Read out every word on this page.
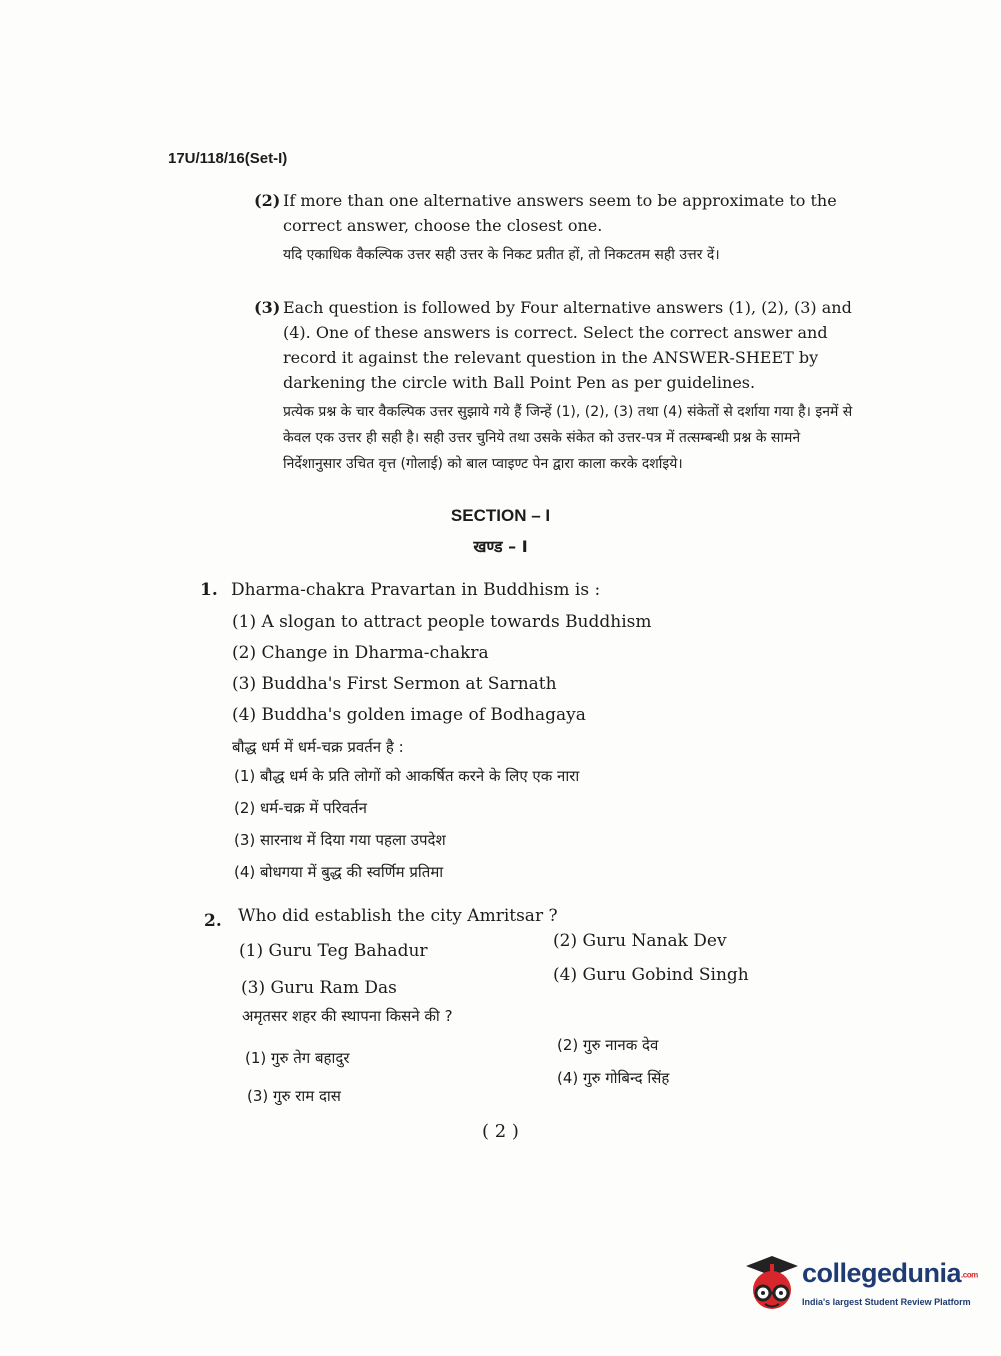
17U/118/16(Set-I)
(2) If more than one alternative answers seem to be approximate to the correct answer, choose the closest one.

यदि एकाधिक वैकल्पिक उत्तर सही उत्तर के निकट प्रतीत हों, तो निकटतम सही उत्तर दें।

(3) Each question is followed by Four alternative answers (1), (2), (3) and (4). One of these answers is correct. Select the correct answer and record it against the relevant question in the ANSWER-SHEET by darkening the circle with Ball Point Pen as per guidelines.

प्रत्येक प्रश्न के चार वैकल्पिक उत्तर सुझाये गये हैं जिन्हें (1), (2), (3) तथा (4) संकेतों से दर्शाया गया है। इनमें से केवल एक उत्तर ही सही है। सही उत्तर चुनिये तथा उसके संकेत को उत्तर-पत्र में तत्सम्बन्धी प्रश्न के सामने निर्देशानुसार उचित वृत्त (गोलाई) को बाल प्वाइण्ट पेन द्वारा काला करके दर्शाइये।

SECTION – I
खण्ड – I
1. Dharma-chakra Pravartan in Buddhism is :
(1) A slogan to attract people towards Buddhism
(2) Change in Dharma-chakra
(3) Buddha's First Sermon at Sarnath
(4) Buddha's golden image of Bodhagaya
बौद्ध धर्म में धर्म-चक्र प्रवर्तन है :
(1) बौद्ध धर्म के प्रति लोगों को आकर्षित करने के लिए एक नारा
(2) धर्म-चक्र में परिवर्तन
(3) सारनाथ में दिया गया पहला उपदेश
(4) बोधगया में बुद्ध की स्वर्णिम प्रतिमा
2. Who did establish the city Amritsar ?
(1) Guru Teg Bahadur	(2) Guru Nanak Dev
(3) Guru Ram Das
(4) Guru Gobind Singh
अमृतसर शहर की स्थापना किसने की ?
(1) गुरु तेग बहादुर
(2) गुरु नानक देव
(3) गुरु राम दास
(4) गुरु गोबिन्द सिंह
( 2 )
collegedunia.com
India's largest Student Review Platform
